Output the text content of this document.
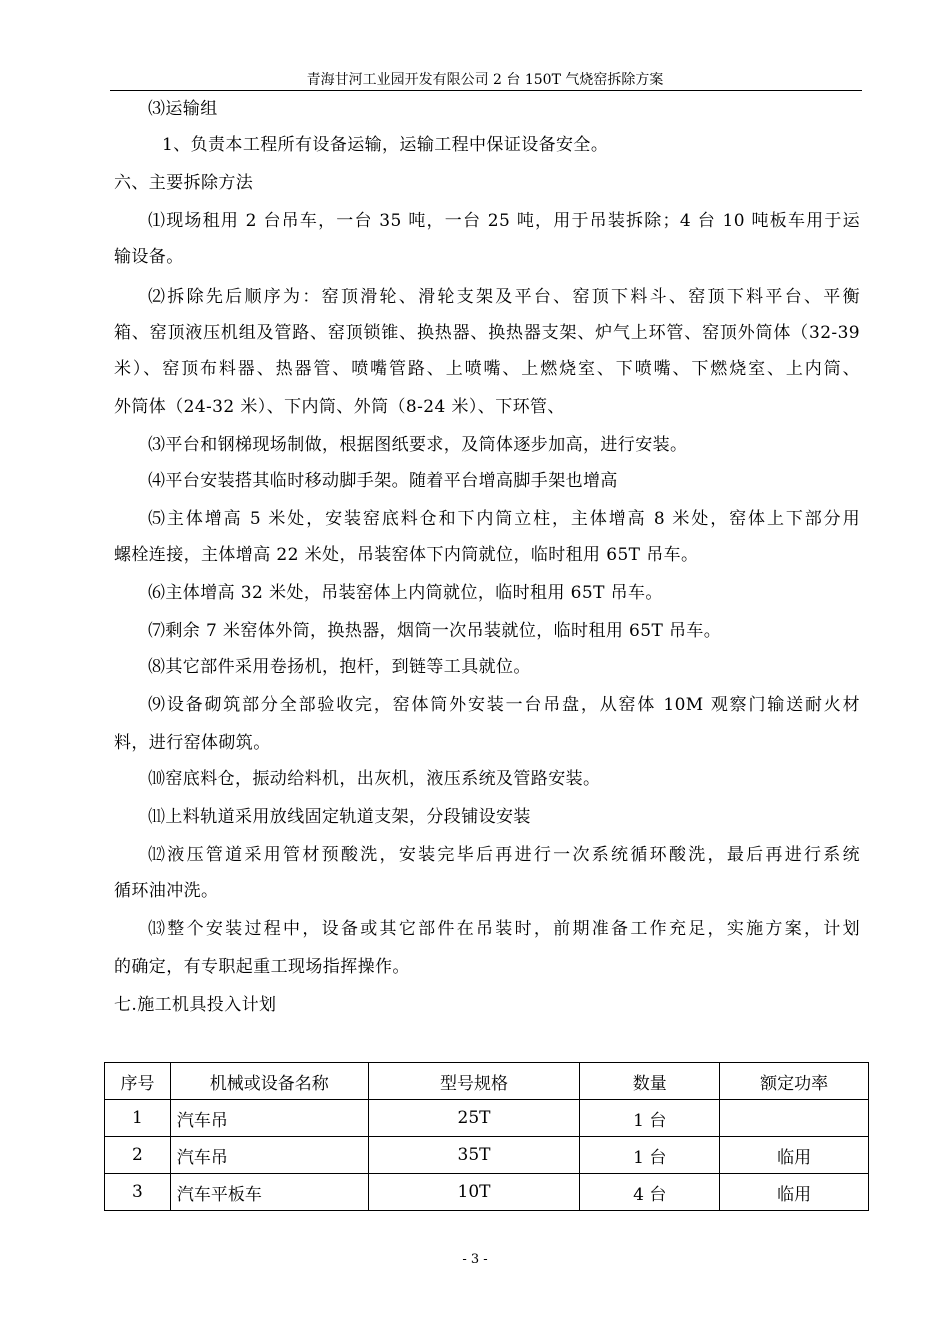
青海甘河工业园开发有限公司 2 台 150T 气烧窑拆除方案
⑶运输组
1、负责本工程所有设备运输，运输工程中保证设备安全。
六、主要拆除方法
⑴现场租用 2 台吊车，一台 35 吨，一台 25 吨，用于吊装拆除；4 台 10 吨板车用于运
输设备。
⑵拆除先后顺序为：窑顶滑轮、滑轮支架及平台、窑顶下料斗、窑顶下料平台、平衡
箱、窑顶液压机组及管路、窑顶锁锥、换热器、换热器支架、炉气上环管、窑顶外筒体（32-39
米）、窑顶布料器、热器管、喷嘴管路、上喷嘴、上燃烧室、下喷嘴、下燃烧室、上内筒、
外筒体（24-32 米）、下内筒、外筒（8-24 米）、下环管、
⑶平台和钢梯现场制做，根据图纸要求，及筒体逐步加高，进行安装。
⑷平台安装搭其临时移动脚手架。随着平台增高脚手架也增高
⑸主体增高 5 米处，安装窑底料仓和下内筒立柱，主体增高 8 米处，窑体上下部分用
螺栓连接，主体增高 22 米处，吊装窑体下内筒就位，临时租用 65T 吊车。
⑹主体增高 32 米处，吊装窑体上内筒就位，临时租用 65T 吊车。
⑺剩余 7 米窑体外筒，换热器，烟筒一次吊装就位，临时租用 65T 吊车。
⑻其它部件采用卷扬机，抱杆，到链等工具就位。
⑼设备砌筑部分全部验收完，窑体筒外安装一台吊盘，从窑体 10M 观察门输送耐火材
料，进行窑体砌筑。
⑽窑底料仓，振动给料机，出灰机，液压系统及管路安装。
⑾上料轨道采用放线固定轨道支架，分段铺设安装
⑿液压管道采用管材预酸洗，安装完毕后再进行一次系统循环酸洗，最后再进行系统
循环油冲洗。
⒀整个安装过程中，设备或其它部件在吊装时，前期准备工作充足，实施方案，计划
的确定，有专职起重工现场指挥操作。
七.施工机具投入计划
序号	机械或设备名称	型号规格	数量	额定功率
1	汽车吊	25T	1 台	
2	汽车吊	35T	1 台	临用
3	汽车平板车	10T	4 台	临用
- 3 -
